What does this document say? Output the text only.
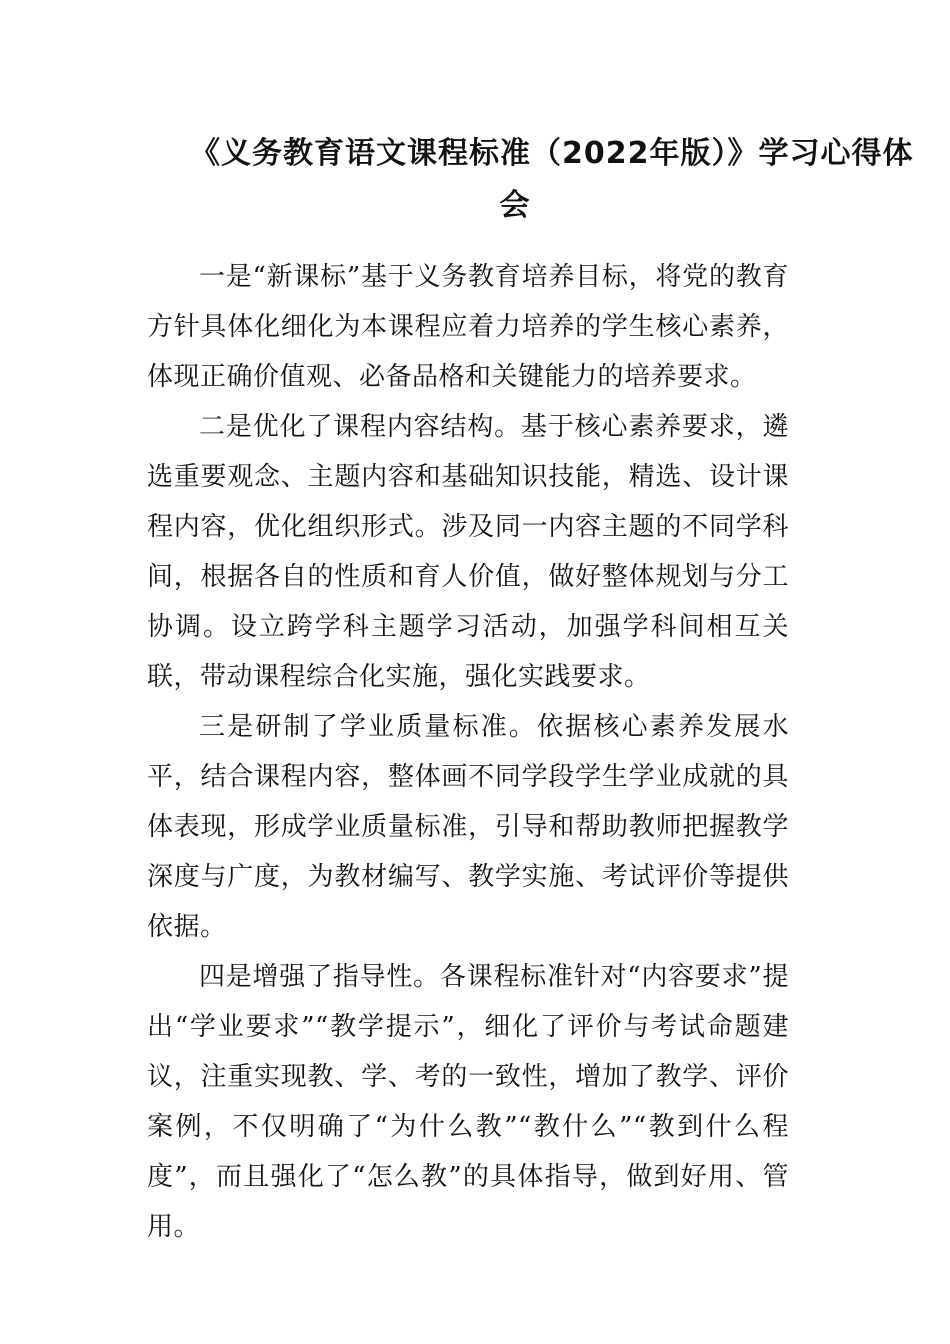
《义务教育语文课程标准（2022年版）》学习心得体
会

一是“新课标”基于义务教育培养目标，将党的教育方针具体化细化为本课程应着力培养的学生核心素养，体现正确价值观、必备品格和关键能力的培养要求。

二是优化了课程内容结构。基于核心素养要求，遴选重要观念、主题内容和基础知识技能，精选、设计课程内容，优化组织形式。涉及同一内容主题的不同学科间，根据各自的性质和育人价值，做好整体规划与分工协调。设立跨学科主题学习活动，加强学科间相互关联，带动课程综合化实施，强化实践要求。

三是研制了学业质量标准。依据核心素养发展水平，结合课程内容，整体画不同学段学生学业成就的具体表现，形成学业质量标准，引导和帮助教师把握教学深度与广度，为教材编写、教学实施、考试评价等提供依据。

四是增强了指导性。各课程标准针对“内容要求”提出“学业要求”“教学提示”，细化了评价与考试命题建议，注重实现教、学、考的一致性，增加了教学、评价案例，不仅明确了“为什么教”“教什么”“教到什么程度”，而且强化了“怎么教”的具体指导，做到好用、管用。
